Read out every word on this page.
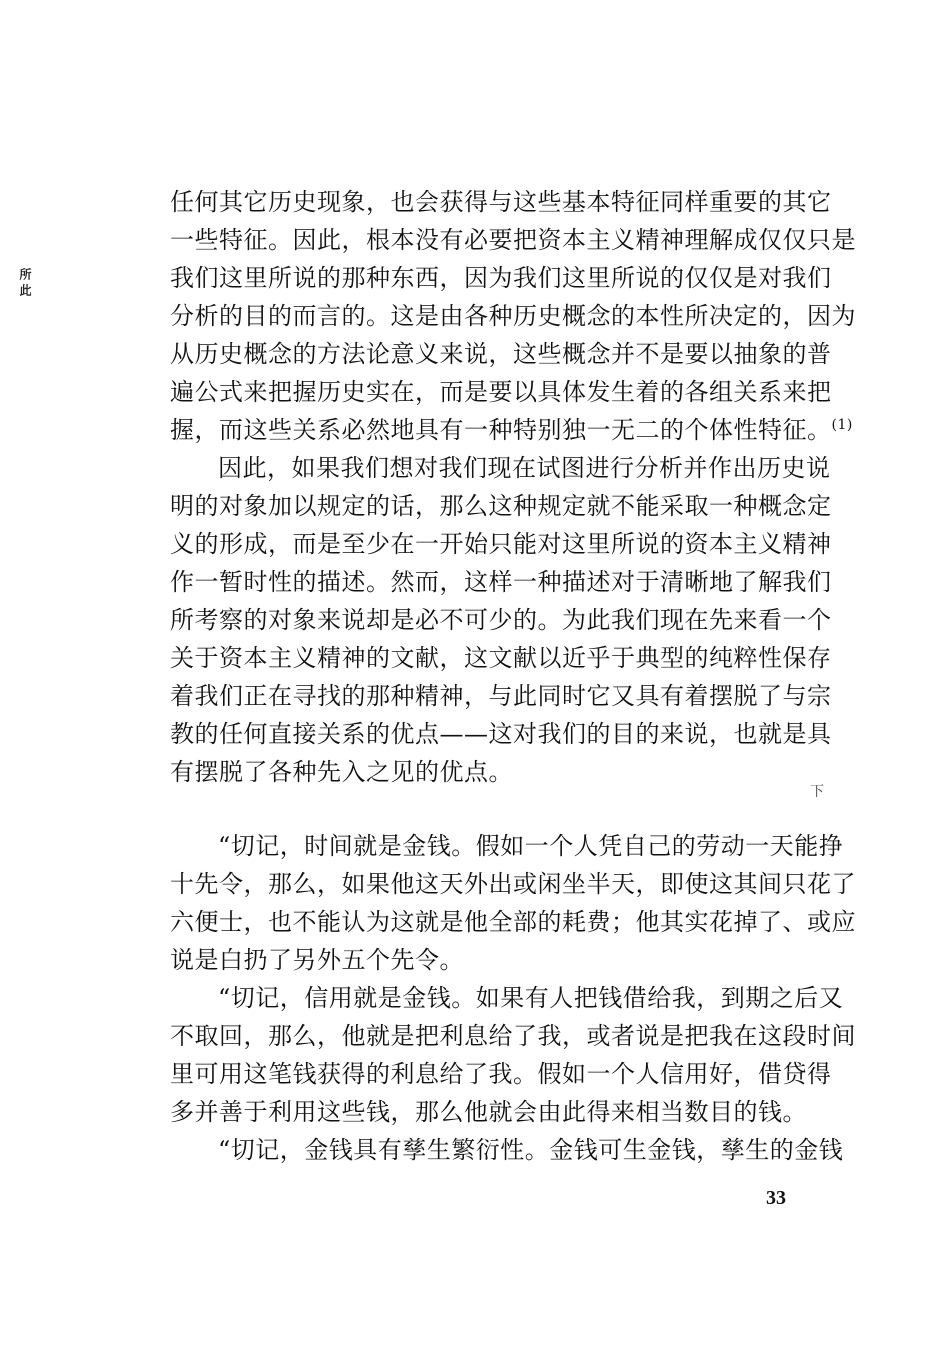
所 此
任何其它历史现象，也会获得与这些基本特征同样重要的其它
一些特征。因此，根本没有必要把资本主义精神理解成仅仅只是
我们这里所说的那种东西，因为我们这里所说的仅仅是对我们
分析的目的而言的。这是由各种历史概念的本性所决定的，因为
从历史概念的方法论意义来说，这些概念并不是要以抽象的普
遍公式来把握历史实在，而是要以具体发生着的各组关系来把
握，而这些关系必然地具有一种特别独一无二的个体性特征。$^{(1)}$
因此，如果我们想对我们现在试图进行分析并作出历史说
明的对象加以规定的话，那么这种规定就不能采取一种概念定
义的形成，而是至少在一开始只能对这里所说的资本主义精神
作一暂时性的描述。然而，这样一种描述对于清晰地了解我们
所考察的对象来说却是必不可少的。为此我们现在先来看一个
关于资本主义精神的文献，这文献以近乎于典型的纯粹性保存
着我们正在寻找的那种精神，与此同时它又具有着摆脱了与宗
教的任何直接关系的优点——这对我们的目的来说，也就是具
有摆脱了各种先入之见的优点。
下
“切记，时间就是金钱。假如一个人凭自己的劳动一天能挣
十先令，那么，如果他这天外出或闲坐半天，即使这其间只花了
六便士，也不能认为这就是他全部的耗费；他其实花掉了、或应
说是白扔了另外五个先令。
“切记，信用就是金钱。如果有人把钱借给我，到期之后又
不取回，那么，他就是把利息给了我，或者说是把我在这段时间
里可用这笔钱获得的利息给了我。假如一个人信用好，借贷得
多并善于利用这些钱，那么他就会由此得来相当数目的钱。
“切记，金钱具有孳生繁衍性。金钱可生金钱，孳生的金钱
33
